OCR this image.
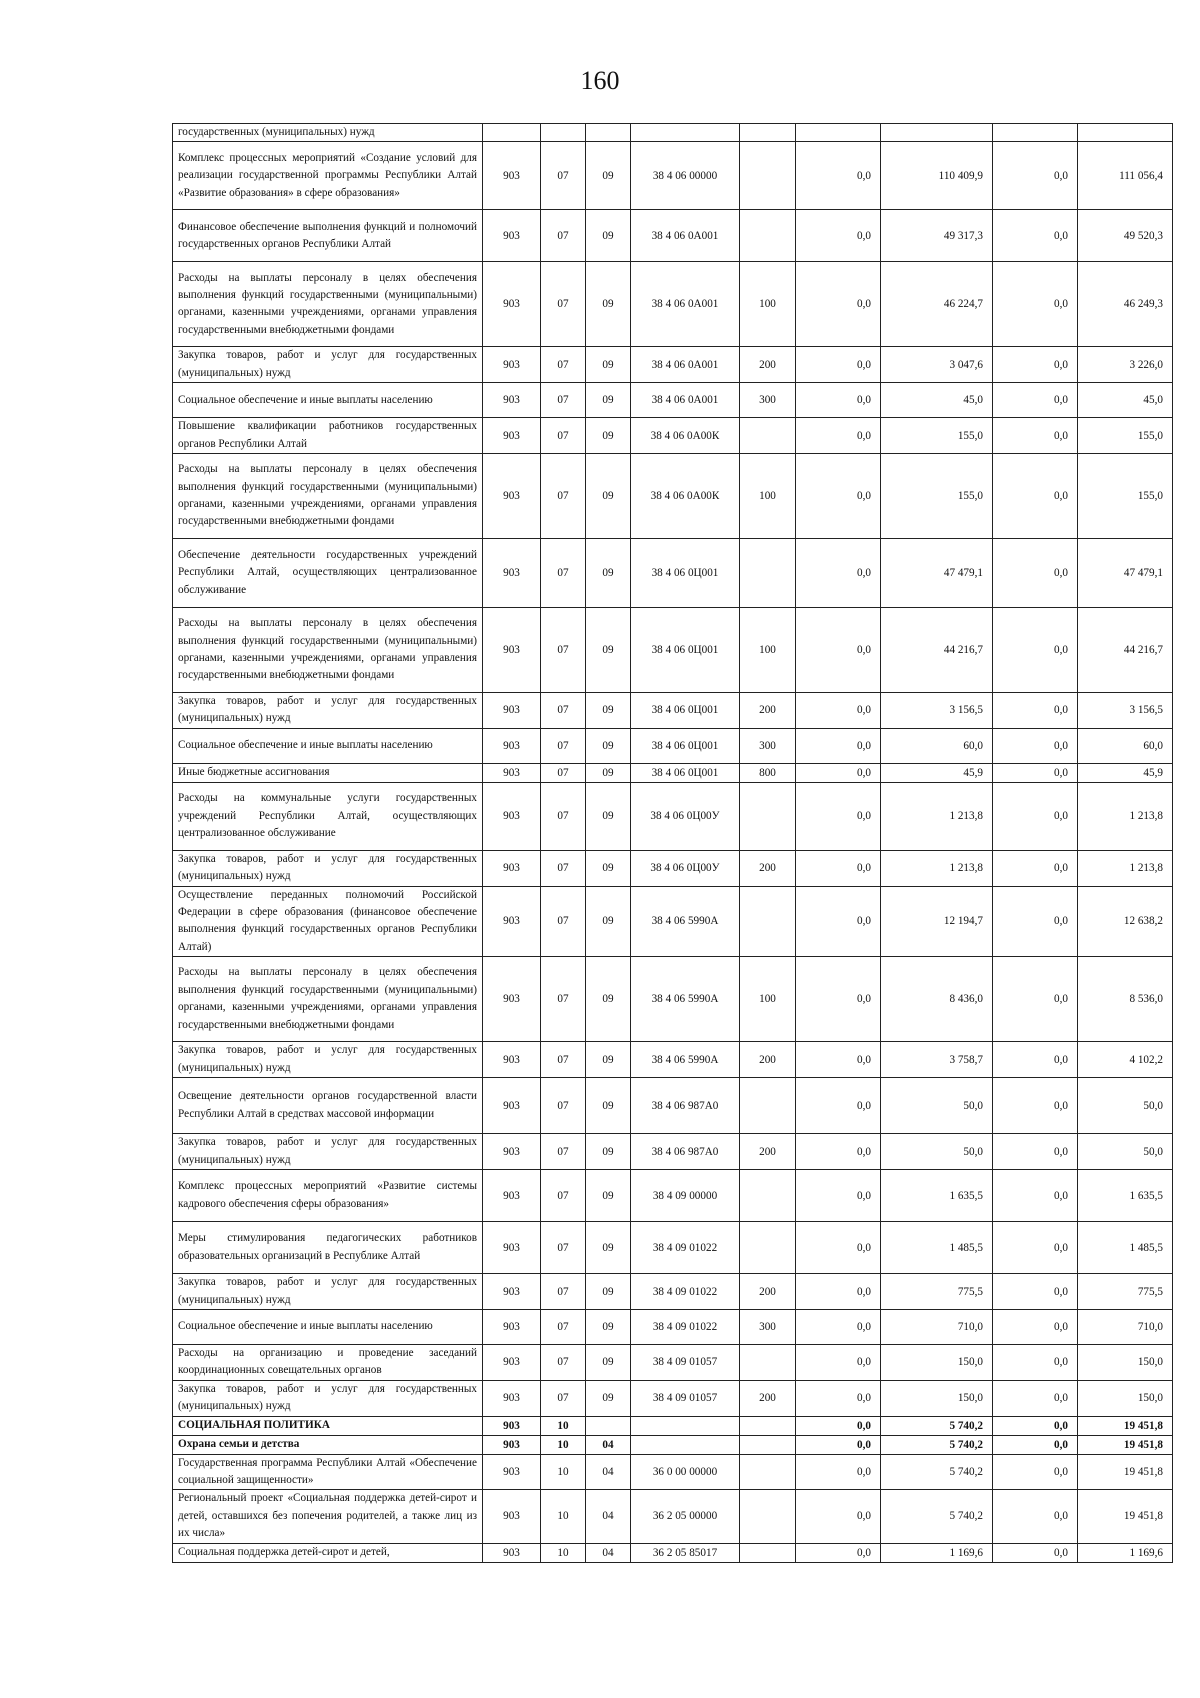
160
государственных (муниципальных) нужд									
Комплекс процессных мероприятий «Создание условий для реализации государственной программы Республики Алтай «Развитие образования» в сфере образования»	903	07	09	38 4 06 00000		0,0	110 409,9	0,0	111 056,4
Финансовое обеспечение выполнения функций и полномочий государственных органов Республики Алтай	903	07	09	38 4 06 0А001		0,0	49 317,3	0,0	49 520,3
Расходы на выплаты персоналу в целях обеспечения выполнения функций государственными (муниципальными) органами, казенными учреждениями, органами управления государственными внебюджетными фондами	903	07	09	38 4 06 0А001	100	0,0	46 224,7	0,0	46 249,3
Закупка товаров, работ и услуг для государственных (муниципальных) нужд	903	07	09	38 4 06 0А001	200	0,0	3 047,6	0,0	3 226,0
Социальное обеспечение и иные выплаты населению	903	07	09	38 4 06 0А001	300	0,0	45,0	0,0	45,0
Повышение квалификации работников государственных органов Республики Алтай	903	07	09	38 4 06 0А00К		0,0	155,0	0,0	155,0
Расходы на выплаты персоналу в целях обеспечения выполнения функций государственными (муниципальными) органами, казенными учреждениями, органами управления государственными внебюджетными фондами	903	07	09	38 4 06 0А00К	100	0,0	155,0	0,0	155,0
Обеспечение деятельности государственных учреждений Республики Алтай, осуществляющих централизованное обслуживание	903	07	09	38 4 06 0Ц001		0,0	47 479,1	0,0	47 479,1
Расходы на выплаты персоналу в целях обеспечения выполнения функций государственными (муниципальными) органами, казенными учреждениями, органами управления государственными внебюджетными фондами	903	07	09	38 4 06 0Ц001	100	0,0	44 216,7	0,0	44 216,7
Закупка товаров, работ и услуг для государственных (муниципальных) нужд	903	07	09	38 4 06 0Ц001	200	0,0	3 156,5	0,0	3 156,5
Социальное обеспечение и иные выплаты населению	903	07	09	38 4 06 0Ц001	300	0,0	60,0	0,0	60,0
Иные бюджетные ассигнования	903	07	09	38 4 06 0Ц001	800	0,0	45,9	0,0	45,9
Расходы на коммунальные услуги государственных учреждений Республики Алтай, осуществляющих централизованное обслуживание	903	07	09	38 4 06 0Ц00У		0,0	1 213,8	0,0	1 213,8
Закупка товаров, работ и услуг для государственных (муниципальных) нужд	903	07	09	38 4 06 0Ц00У	200	0,0	1 213,8	0,0	1 213,8
Осуществление переданных полномочий Российской Федерации в сфере образования (финансовое обеспечение выполнения функций государственных органов Республики Алтай)	903	07	09	38 4 06 5990А		0,0	12 194,7	0,0	12 638,2
Расходы на выплаты персоналу в целях обеспечения выполнения функций государственными (муниципальными) органами, казенными учреждениями, органами управления государственными внебюджетными фондами	903	07	09	38 4 06 5990А	100	0,0	8 436,0	0,0	8 536,0
Закупка товаров, работ и услуг для государственных (муниципальных) нужд	903	07	09	38 4 06 5990А	200	0,0	3 758,7	0,0	4 102,2
Освещение деятельности органов государственной власти Республики Алтай в средствах массовой информации	903	07	09	38 4 06 987А0		0,0	50,0	0,0	50,0
Закупка товаров, работ и услуг для государственных (муниципальных) нужд	903	07	09	38 4 06 987А0	200	0,0	50,0	0,0	50,0
Комплекс процессных мероприятий «Развитие системы кадрового обеспечения сферы образования»	903	07	09	38 4 09 00000		0,0	1 635,5	0,0	1 635,5
Меры стимулирования педагогических работников образовательных организаций в Республике Алтай	903	07	09	38 4 09 01022		0,0	1 485,5	0,0	1 485,5
Закупка товаров, работ и услуг для государственных (муниципальных) нужд	903	07	09	38 4 09 01022	200	0,0	775,5	0,0	775,5
Социальное обеспечение и иные выплаты населению	903	07	09	38 4 09 01022	300	0,0	710,0	0,0	710,0
Расходы на организацию и проведение заседаний координационных совещательных органов	903	07	09	38 4 09 01057		0,0	150,0	0,0	150,0
Закупка товаров, работ и услуг для государственных (муниципальных) нужд	903	07	09	38 4 09 01057	200	0,0	150,0	0,0	150,0
СОЦИАЛЬНАЯ ПОЛИТИКА	903	10				0,0	5 740,2	0,0	19 451,8
Охрана семьи и детства	903	10	04			0,0	5 740,2	0,0	19 451,8
Государственная программа Республики Алтай «Обеспечение социальной защищенности»	903	10	04	36 0 00 00000		0,0	5 740,2	0,0	19 451,8
Региональный проект «Социальная поддержка детей-сирот и детей, оставшихся без попечения родителей, а также лиц из их числа»	903	10	04	36 2 05 00000		0,0	5 740,2	0,0	19 451,8
Социальная поддержка детей-сирот и детей,	903	10	04	36 2 05 85017		0,0	1 169,6	0,0	1 169,6
